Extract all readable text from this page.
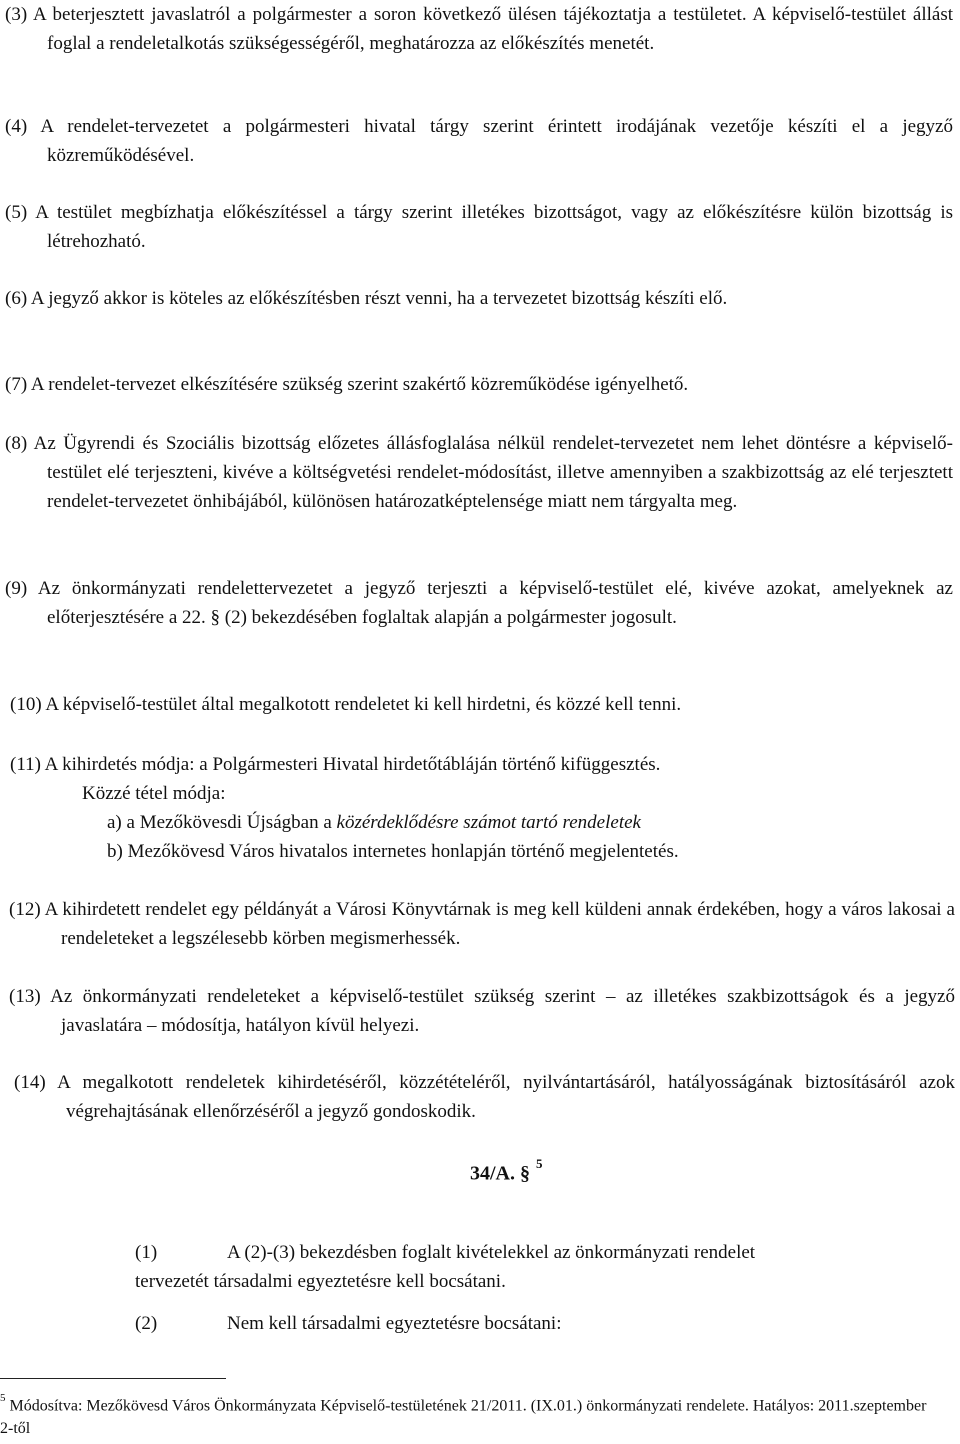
(3) A beterjesztett javaslatról a polgármester a soron következő ülésen tájékoztatja a testületet. A képviselő-testület állást foglal a rendeletalkotás szükségességéről, meghatározza az előkészítés menetét.

(4) A rendelet-tervezetet a polgármesteri hivatal tárgy szerint érintett irodájának vezetője készíti el a jegyző közreműködésével.

(5) A testület megbízhatja előkészítéssel a tárgy szerint illetékes bizottságot, vagy az előkészítésre külön bizottság is létrehozható.

(6) A jegyző akkor is köteles az előkészítésben részt venni, ha a tervezetet bizottság készíti elő.

(7) A rendelet-tervezet elkészítésére szükség szerint szakértő közreműködése igényelhető.

(8) Az Ügyrendi és Szociális bizottság előzetes állásfoglalása nélkül rendelet-tervezetet nem lehet döntésre a képviselő-testület elé terjeszteni, kivéve a költségvetési rendelet-módosítást, illetve amennyiben a szakbizottság az elé terjesztett rendelet-tervezetet önhibájából, különösen határozatképtelensége miatt nem tárgyalta meg.

(9) Az önkormányzati rendelettervezetet a jegyző terjeszti a képviselő-testület elé, kivéve azokat, amelyeknek az előterjesztésére a 22. § (2) bekezdésében foglaltak alapján a polgármester jogosult.

(10) A képviselő-testület által megalkotott rendeletet ki kell hirdetni, és közzé kell tenni.

(11) A kihirdetés módja: a Polgármesteri Hivatal hirdetőtábláján történő kifüggesztés.

Közzé tétel módja:
a) a Mezőkövesdi Újságban a közérdeklődésre számot tartó rendeletek
b) Mezőkövesd Város hivatalos internetes honlapján történő megjelentetés.

(12) A kihirdetett rendelet egy példányát a Városi Könyvtárnak is meg kell küldeni annak érdekében, hogy a város lakosai a rendeleteket a legszélesebb körben megismerhessék.

(13) Az önkormányzati rendeleteket a képviselő-testület szükség szerint – az illetékes szakbizottságok és a jegyző javaslatára – módosítja, hatályon kívül helyezi.

(14) A megalkotott rendeletek kihirdetéséről, közzétételéről, nyilvántartásáról, hatályosságának biztosításáról azok végrehajtásának ellenőrzéséről a jegyző gondoskodik.

34/A. § $^5$
(1)	A (2)-(3) bekezdésben foglalt kivételekkel az önkormányzati rendelet
tervezetét társadalmi egyeztetésre kell bocsátani.
(2)	Nem kell társadalmi egyeztetésre bocsátani:
$^5$ Módosítva: Mezőkövesd Város Önkormányzata Képviselő-testületének 21/2011. (IX.01.) önkormányzati rendelete. Hatályos: 2011.szeptember 2-től
